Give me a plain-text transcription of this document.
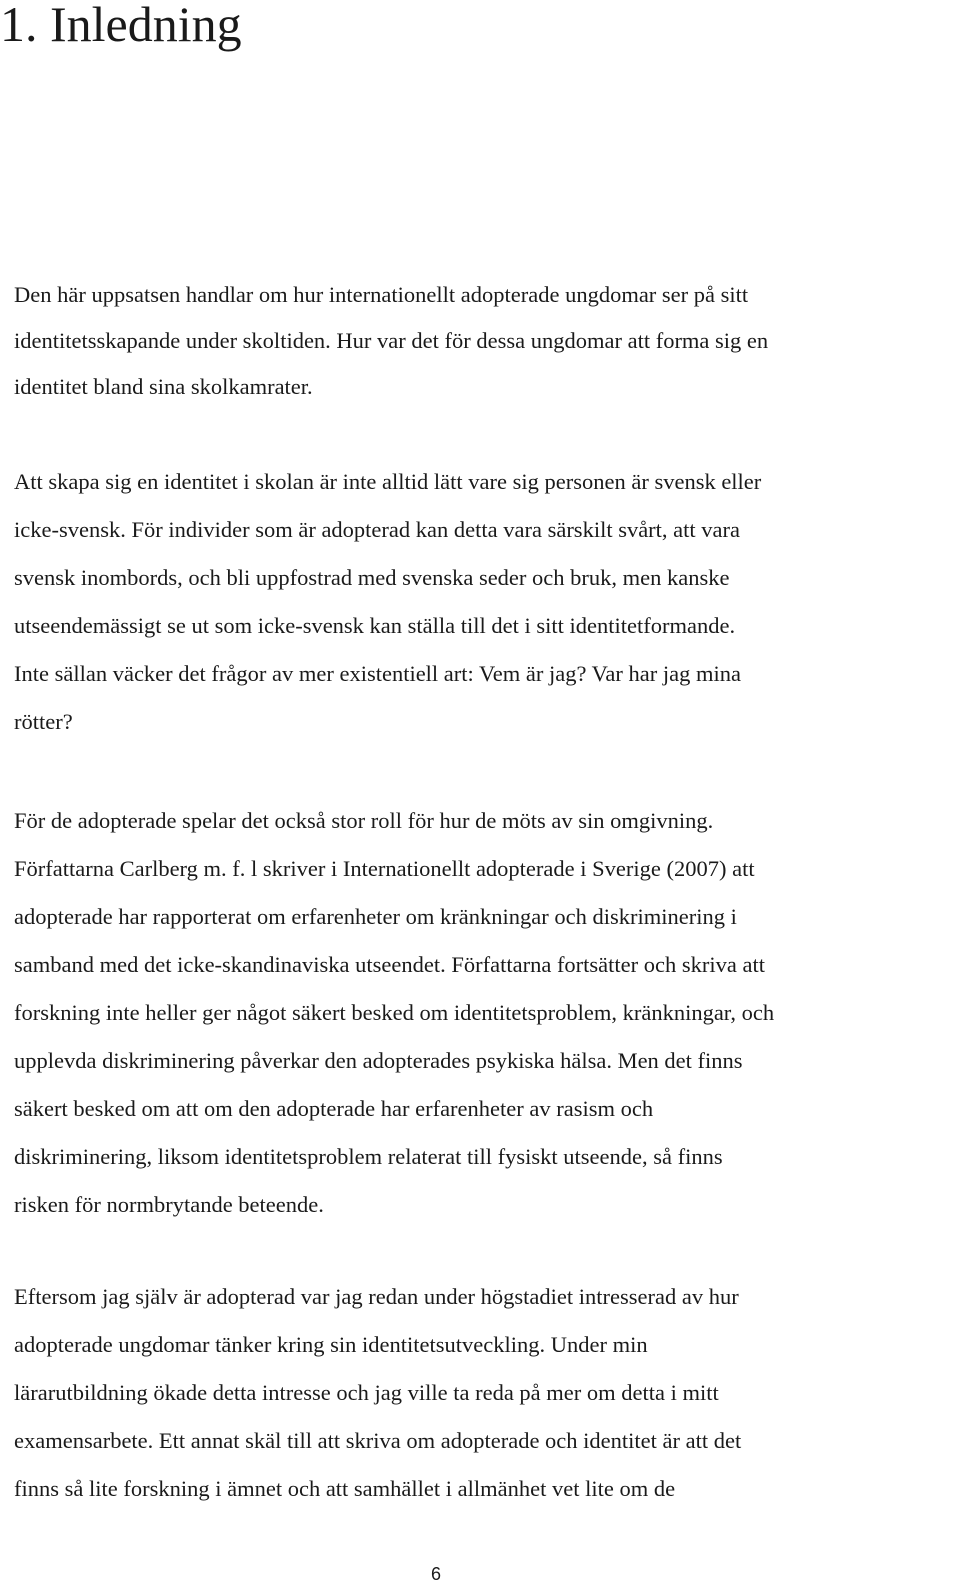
1. Inledning
Den här uppsatsen handlar om hur internationellt adopterade ungdomar ser på sitt
identitetsskapande under skoltiden. Hur var det för dessa ungdomar att forma sig en
identitet bland sina skolkamrater.
Att skapa sig en identitet i skolan är inte alltid lätt vare sig personen är svensk eller
icke-svensk. För individer som är adopterad kan detta vara särskilt svårt, att vara
svensk inombords, och bli uppfostrad med svenska seder och bruk, men kanske
utseendemässigt se ut som icke-svensk kan ställa till det i sitt identitetformande.
Inte sällan väcker det frågor av mer existentiell art: Vem är jag? Var har jag mina
rötter?
För de adopterade spelar det också stor roll för hur de möts av sin omgivning.
Författarna Carlberg m. f. l skriver i Internationellt adopterade i Sverige (2007) att
adopterade har rapporterat om erfarenheter om kränkningar och diskriminering i
samband med det icke-skandinaviska utseendet. Författarna fortsätter och skriva att
forskning inte heller ger något säkert besked om identitetsproblem, kränkningar, och
upplevda diskriminering påverkar den adopterades psykiska hälsa. Men det finns
säkert besked om att om den adopterade har erfarenheter av rasism och
diskriminering, liksom identitetsproblem relaterat till fysiskt utseende, så finns
risken för normbrytande beteende.
Eftersom jag själv är adopterad var jag redan under högstadiet intresserad av hur
adopterade ungdomar tänker kring sin identitetsutveckling. Under min
lärarutbildning ökade detta intresse och jag ville ta reda på mer om detta i mitt
examensarbete. Ett annat skäl till att skriva om adopterade och identitet är att det
finns så lite forskning i ämnet och att samhället i allmänhet vet lite om de
6
